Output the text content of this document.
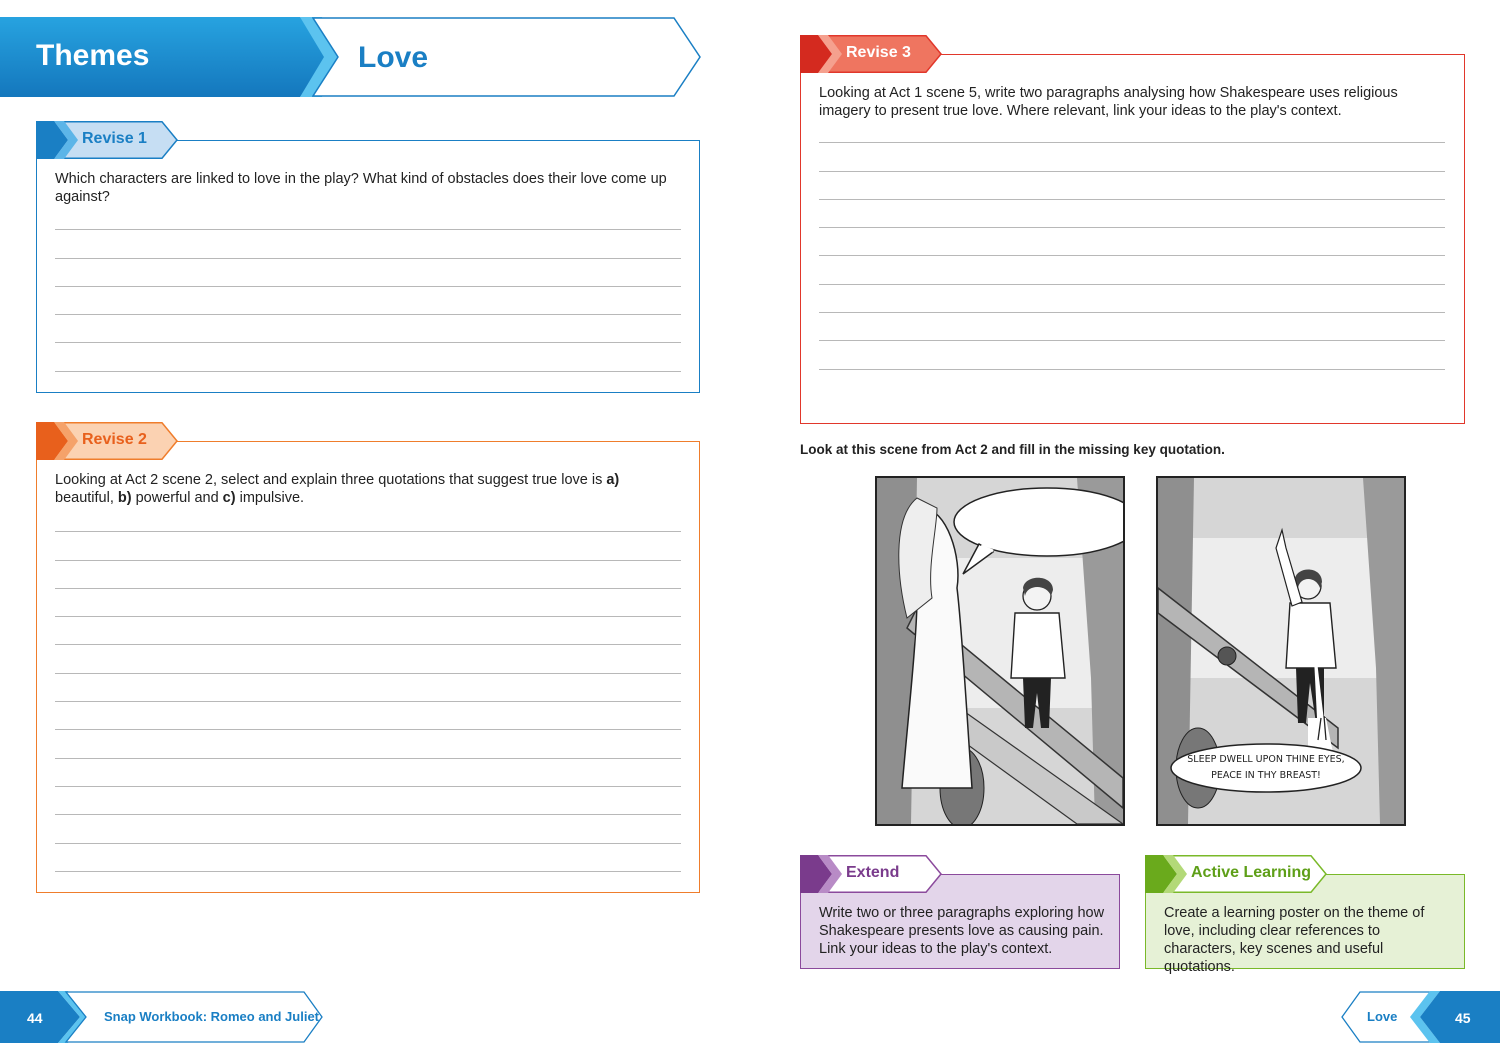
Themes	Love
Which characters are linked to love in the play? What kind of obstacles does their love come up against?
Revise 1
Looking at Act 2 scene 2, select and explain three quotations that suggest true love is a) beautiful, b) powerful and c) impulsive.
Revise 2
Looking at Act 1 scene 5, write two paragraphs analysing how Shakespeare uses religious imagery to present true love. Where relevant, link your ideas to the play's context.
Revise 3
Look at this scene from Act 2 and fill in the missing key quotation.
SLEEP DWELL UPON THINE EYES,
PEACE IN THY BREAST!
Write two or three paragraphs exploring how Shakespeare presents love as causing pain. Link your ideas to the play's context.
Extend
Create a learning poster on the theme of love, including clear references to characters, key scenes and useful quotations.
Active Learning
44	Snap Workbook: Romeo and Juliet	Love	45
